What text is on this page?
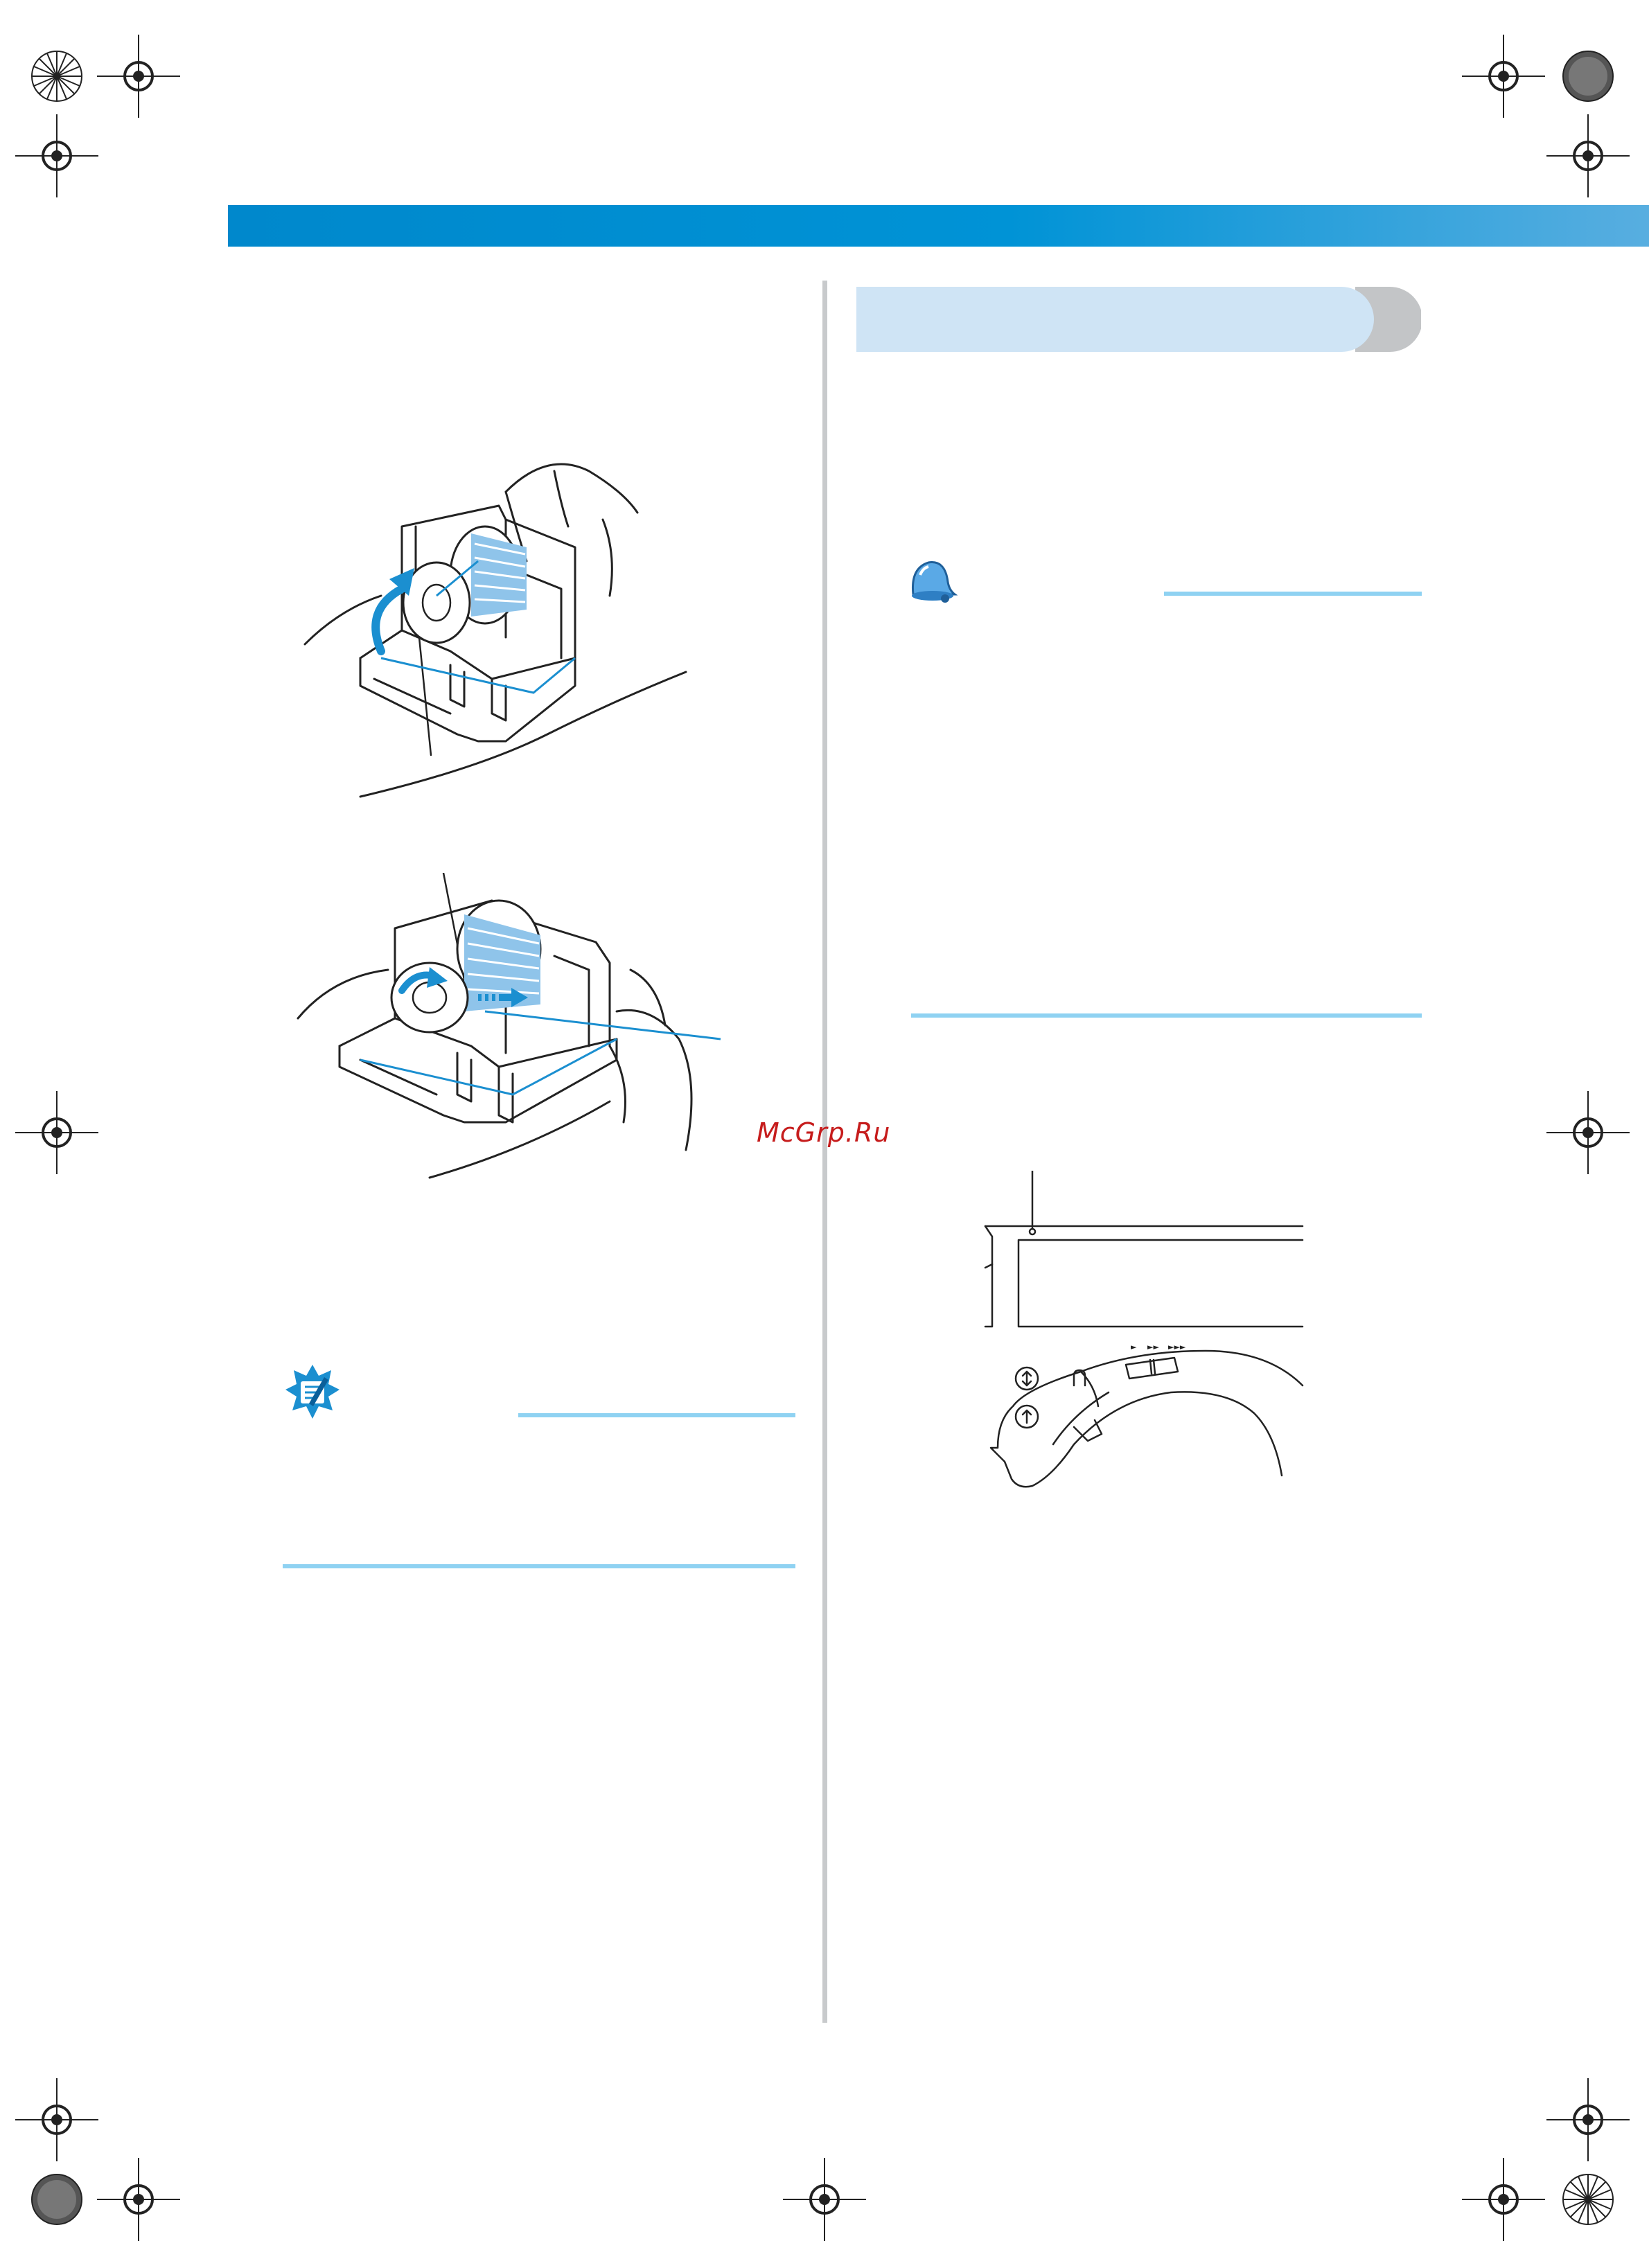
► ►► ►►►
McGrp.Ru
